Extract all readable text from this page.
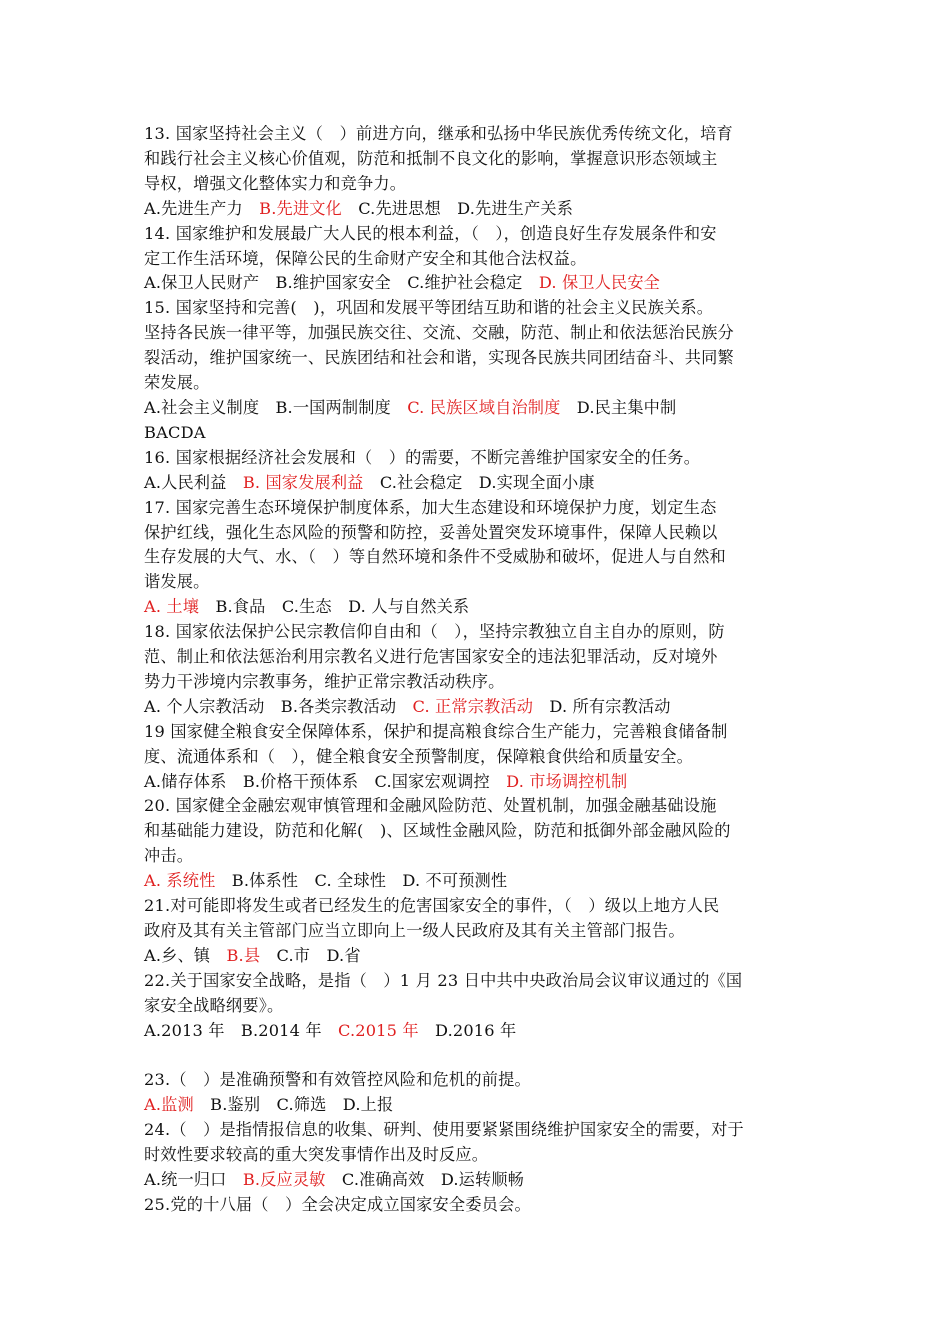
13. 国家坚持社会主义（　）前进方向，继承和弘扬中华民族优秀传统文化，培育
和践行社会主义核心价值观，防范和抵制不良文化的影响，掌握意识形态领域主
导权，增强文化整体实力和竞争力。
A.先进生产力　B.先进文化　C.先进思想　D.先进生产关系
14. 国家维护和发展最广大人民的根本利益，（　），创造良好生存发展条件和安
定工作生活环境，保障公民的生命财产安全和其他合法权益。
A.保卫人民财产　B.维护国家安全　C.维护社会稳定　D. 保卫人民安全
15. 国家坚持和完善(　)，巩固和发展平等团结互助和谐的社会主义民族关系。
坚持各民族一律平等，加强民族交往、交流、交融，防范、制止和依法惩治民族分
裂活动，维护国家统一、民族团结和社会和谐，实现各民族共同团结奋斗、共同繁
荣发展。
A.社会主义制度　B.一国两制制度　C. 民族区域自治制度　D.民主集中制
BACDA
16. 国家根据经济社会发展和（　）的需要，不断完善维护国家安全的任务。
A.人民利益　B. 国家发展利益　C.社会稳定　D.实现全面小康
17. 国家完善生态环境保护制度体系，加大生态建设和环境保护力度，划定生态
保护红线，强化生态风险的预警和防控，妥善处置突发环境事件，保障人民赖以
生存发展的大气、水、（　）等自然环境和条件不受威胁和破坏，促进人与自然和
谐发展。
A. 土壤　B.食品　C.生态　D. 人与自然关系
18. 国家依法保护公民宗教信仰自由和（　），坚持宗教独立自主自办的原则，防
范、制止和依法惩治利用宗教名义进行危害国家安全的违法犯罪活动，反对境外
势力干涉境内宗教事务，维护正常宗教活动秩序。
A. 个人宗教活动　B.各类宗教活动　C. 正常宗教活动　D. 所有宗教活动
19 国家健全粮食安全保障体系，保护和提高粮食综合生产能力，完善粮食储备制
度、流通体系和（　），健全粮食安全预警制度，保障粮食供给和质量安全。
A.储存体系　B.价格干预体系　C.国家宏观调控　D. 市场调控机制
20. 国家健全金融宏观审慎管理和金融风险防范、处置机制，加强金融基础设施
和基础能力建设，防范和化解(　)、区域性金融风险，防范和抵御外部金融风险的
冲击。
A. 系统性　B.体系性　C. 全球性　D. 不可预测性
21.对可能即将发生或者已经发生的危害国家安全的事件，（　）级以上地方人民
政府及其有关主管部门应当立即向上一级人民政府及其有关主管部门报告。
A.乡、镇　B.县　C.市　D.省
22.关于国家安全战略，是指（　）1 月 23 日中共中央政治局会议审议通过的《国
家安全战略纲要》。
A.2013 年　B.2014 年　C.2015 年　D.2016 年
23.（　）是准确预警和有效管控风险和危机的前提。
A.监测　B.鉴别　C.筛选　D.上报
24.（　）是指情报信息的收集、研判、使用要紧紧围绕维护国家安全的需要，对于
时效性要求较高的重大突发事情作出及时反应。
A.统一归口　B.反应灵敏　C.准确高效　D.运转顺畅
25.党的十八届（　）全会决定成立国家安全委员会。
